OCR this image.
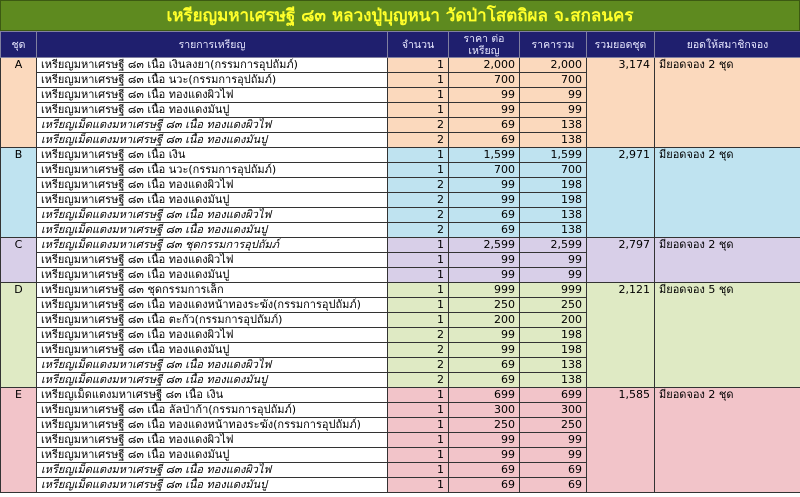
เหรียญมหาเศรษฐี ๘๓ หลวงปู่บุญหนา วัดป่าโสตถิผล จ.สกลนคร
ชุด	รายการเหรียญ	จำนวน	ราคา ต่อเหรียญ	ราคารวม	รวมยอดชุด	ยอดให้สมาชิกจอง
A	เหรียญมหาเศรษฐี ๘๓ เนื้อ เงินลงยา(กรรมการอุปถัมภ์)	1	2,000	2,000	3,174	มียอดจอง 2 ชุด
	เหรียญมหาเศรษฐี ๘๓ เนื้อ นวะ(กรรมการอุปถัมภ์)	1	700	700		
	เหรียญมหาเศรษฐี ๘๓ เนื้อ ทองแดงผิวไฟ	1	99	99		
	เหรียญมหาเศรษฐี ๘๓ เนื้อ ทองแดงมันปู	1	99	99		
	เหรียญเม็ดแตงมหาเศรษฐี ๘๓ เนื้อ ทองแดงผิวไฟ	2	69	138		
	เหรียญเม็ดแตงมหาเศรษฐี ๘๓ เนื้อ ทองแดงมันปู	2	69	138		
B	เหรียญมหาเศรษฐี ๘๓ เนื้อ เงิน	1	1,599	1,599	2,971	มียอดจอง 2 ชุด
	เหรียญมหาเศรษฐี ๘๓ เนื้อ นวะ(กรรมการอุปถัมภ์)	1	700	700		
	เหรียญมหาเศรษฐี ๘๓ เนื้อ ทองแดงผิวไฟ	2	99	198		
	เหรียญมหาเศรษฐี ๘๓ เนื้อ ทองแดงมันปู	2	99	198		
	เหรียญเม็ดแตงมหาเศรษฐี ๘๓ เนื้อ ทองแดงผิวไฟ	2	69	138		
	เหรียญเม็ดแตงมหาเศรษฐี ๘๓ เนื้อ ทองแดงมันปู	2	69	138		
C	เหรียญเม็ดแตงมหาเศรษฐี ๘๓ ชุดกรรมการอุปถัมภ์	1	2,599	2,599	2,797	มียอดจอง 2 ชุด
	เหรียญมหาเศรษฐี ๘๓ เนื้อ ทองแดงผิวไฟ	1	99	99		
	เหรียญมหาเศรษฐี ๘๓ เนื้อ ทองแดงมันปู	1	99	99		
D	เหรียญมหาเศรษฐี ๘๓ ชุดกรรมการเล็ก	1	999	999	2,121	มียอดจอง 5 ชุด
	เหรียญมหาเศรษฐี ๘๓ เนื้อ ทองแดงหน้าทองระฆัง(กรรมการอุปถัมภ์)	1	250	250		
	เหรียญมหาเศรษฐี ๘๓ เนื้อ ตะกั่ว(กรรมการอุปถัมภ์)	1	200	200		
	เหรียญมหาเศรษฐี ๘๓ เนื้อ ทองแดงผิวไฟ	2	99	198		
	เหรียญมหาเศรษฐี ๘๓ เนื้อ ทองแดงมันปู	2	99	198		
	เหรียญเม็ดแตงมหาเศรษฐี ๘๓ เนื้อ ทองแดงผิวไฟ	2	69	138		
	เหรียญเม็ดแตงมหาเศรษฐี ๘๓ เนื้อ ทองแดงมันปู	2	69	138		
E	เหรียญเม็ดแตงมหาเศรษฐี ๘๓ เนื้อ เงิน	1	699	699	1,585	มียอดจอง 2 ชุด
	เหรียญมหาเศรษฐี ๘๓ เนื้อ ลัลป่าก้า(กรรมการอุปถัมภ์)	1	300	300		
	เหรียญมหาเศรษฐี ๘๓ เนื้อ ทองแดงหน้าทองระฆัง(กรรมการอุปถัมภ์)	1	250	250		
	เหรียญมหาเศรษฐี ๘๓ เนื้อ ทองแดงผิวไฟ	1	99	99		
	เหรียญมหาเศรษฐี ๘๓ เนื้อ ทองแดงมันปู	1	99	99		
	เหรียญเม็ดแตงมหาเศรษฐี ๘๓ เนื้อ ทองแดงผิวไฟ	1	69	69		
	เหรียญเม็ดแตงมหาเศรษฐี ๘๓ เนื้อ ทองแดงมันปู	1	69	69		
